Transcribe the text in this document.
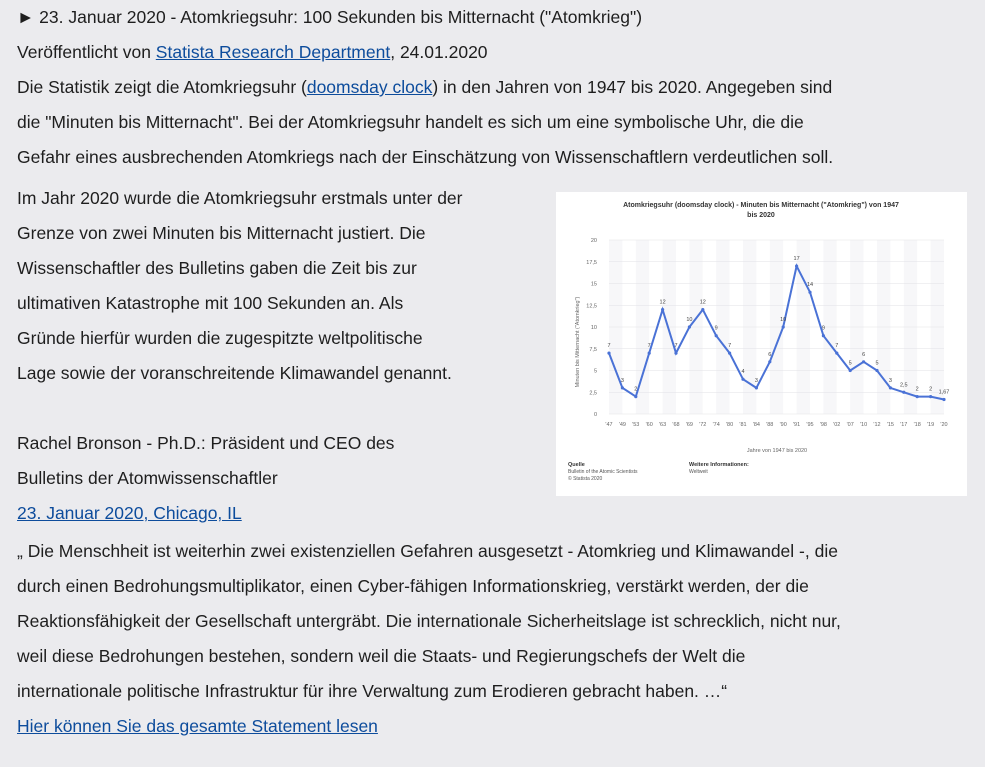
► 23. Januar 2020 - Atomkriegsuhr: 100 Sekunden bis Mitternacht ("Atomkrieg")
Veröffentlicht von Statista Research Department, 24.01.2020
Die Statistik zeigt die Atomkriegsuhr (doomsday clock) in den Jahren von 1947 bis 2020. Angegeben sind
die "Minuten bis Mitternacht". Bei der Atomkriegsuhr handelt es sich um eine symbolische Uhr, die die
Gefahr eines ausbrechenden Atomkriegs nach der Einschätzung von Wissenschaftlern verdeutlichen soll.
Im Jahr 2020 wurde die Atomkriegsuhr erstmals unter der
Grenze von zwei Minuten bis Mitternacht justiert. Die
Wissenschaftler des Bulletins gaben die Zeit bis zur
ultimativen Katastrophe mit 100 Sekunden an. Als
Gründe hierfür wurden die zugespitzte weltpolitische
Lage sowie der voranschreitende Klimawandel genannt.

Rachel Bronson - Ph.D.: Präsident und CEO des
Bulletins der Atomwissenschaftler
23. Januar 2020, Chicago, IL
„ Die Menschheit ist weiterhin zwei existenziellen Gefahren ausgesetzt - Atomkrieg und Klimawandel -, die
durch einen Bedrohungsmultiplikator, einen Cyber-fähigen Informationskrieg, verstärkt werden, der die
Reaktionsfähigkeit der Gesellschaft untergräbt. Die internationale Sicherheitslage ist schrecklich, nicht nur,
weil diese Bedrohungen bestehen, sondern weil die Staats- und Regierungschefs der Welt die
internationale politische Infrastruktur für ihre Verwaltung zum Erodieren gebracht haben. …“
Hier können Sie das gesamte Statement lesen
Atomkriegsuhr (doomsday clock) - Minuten bis Mitternacht ("Atomkrieg") von 1947
bis 2020
0
2,5
5
7,5
10
12,5
15
17,5
20
'47 '49 '53 '60 '63 '68 '69 '72 '74 '80 '81 '84 '88 '90 '91 '95 '98 '02 '07 '10 '12 '15 '17 '18 '19 '20
7
3
2
7
12
7
10
12
9
7
4
3
6
10
17
14
9
7
5
6
5
3
2,5
2 2 1,67
Minuten bis Mitternacht ("Atomkrieg")
Jahre von 1947 bis 2020
Quelle
Bulletin of the Atomic Scientists
© Statista 2020
Weitere Informationen:
Weltweit
